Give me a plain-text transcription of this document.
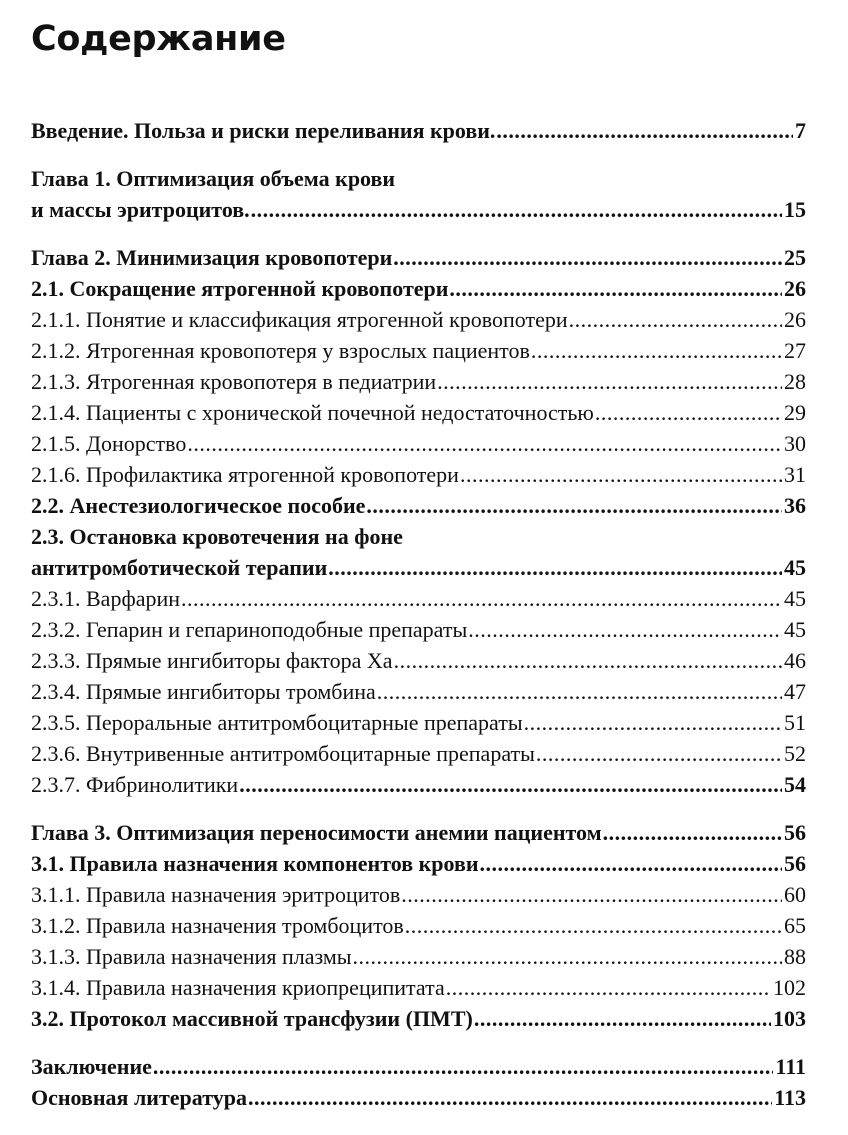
Содержание
Введение. Польза и риски переливания крови. .....	7
Глава 1. Оптимизация объема крови
и массы эритроцитов. .....	15
Глава 2. Минимизация кровопотери .....	25
2.1. Сокращение ятрогенной кровопотери .....	26
2.1.1. Понятие и классификация ятрогенной кровопотери .....	26
2.1.2. Ятрогенная кровопотеря у взрослых пациентов .....	27
2.1.3. Ятрогенная кровопотеря в педиатрии .....	28
2.1.4. Пациенты с хронической почечной недостаточностью .....	29
2.1.5. Донорство .....	30
2.1.6. Профилактика ятрогенной кровопотери .....	31
2.2. Анестезиологическое пособие .....	36
2.3. Остановка кровотечения на фоне
антитромботической терапии .....	45
2.3.1. Варфарин .....	45
2.3.2. Гепарин и гепариноподобные препараты .....	45
2.3.3. Прямые ингибиторы фактора Ха .....	46
2.3.4. Прямые ингибиторы тромбина .....	47
2.3.5. Пероральные антитромбоцитарные препараты .....	51
2.3.6. Внутривенные антитромбоцитарные препараты .....	52
2.3.7. Фибринолитики .....	54
Глава 3. Оптимизация переносимости анемии пациентом .....	56
3.1. Правила назначения компонентов крови .....	56
3.1.1. Правила назначения эритроцитов .....	60
3.1.2. Правила назначения тромбоцитов .....	65
3.1.3. Правила назначения плазмы .....	88
3.1.4. Правила назначения криопреципитата .....	102
3.2. Протокол массивной трансфузии (ПМТ) .....	103
Заключение .....	111
Основная литература .....	113
